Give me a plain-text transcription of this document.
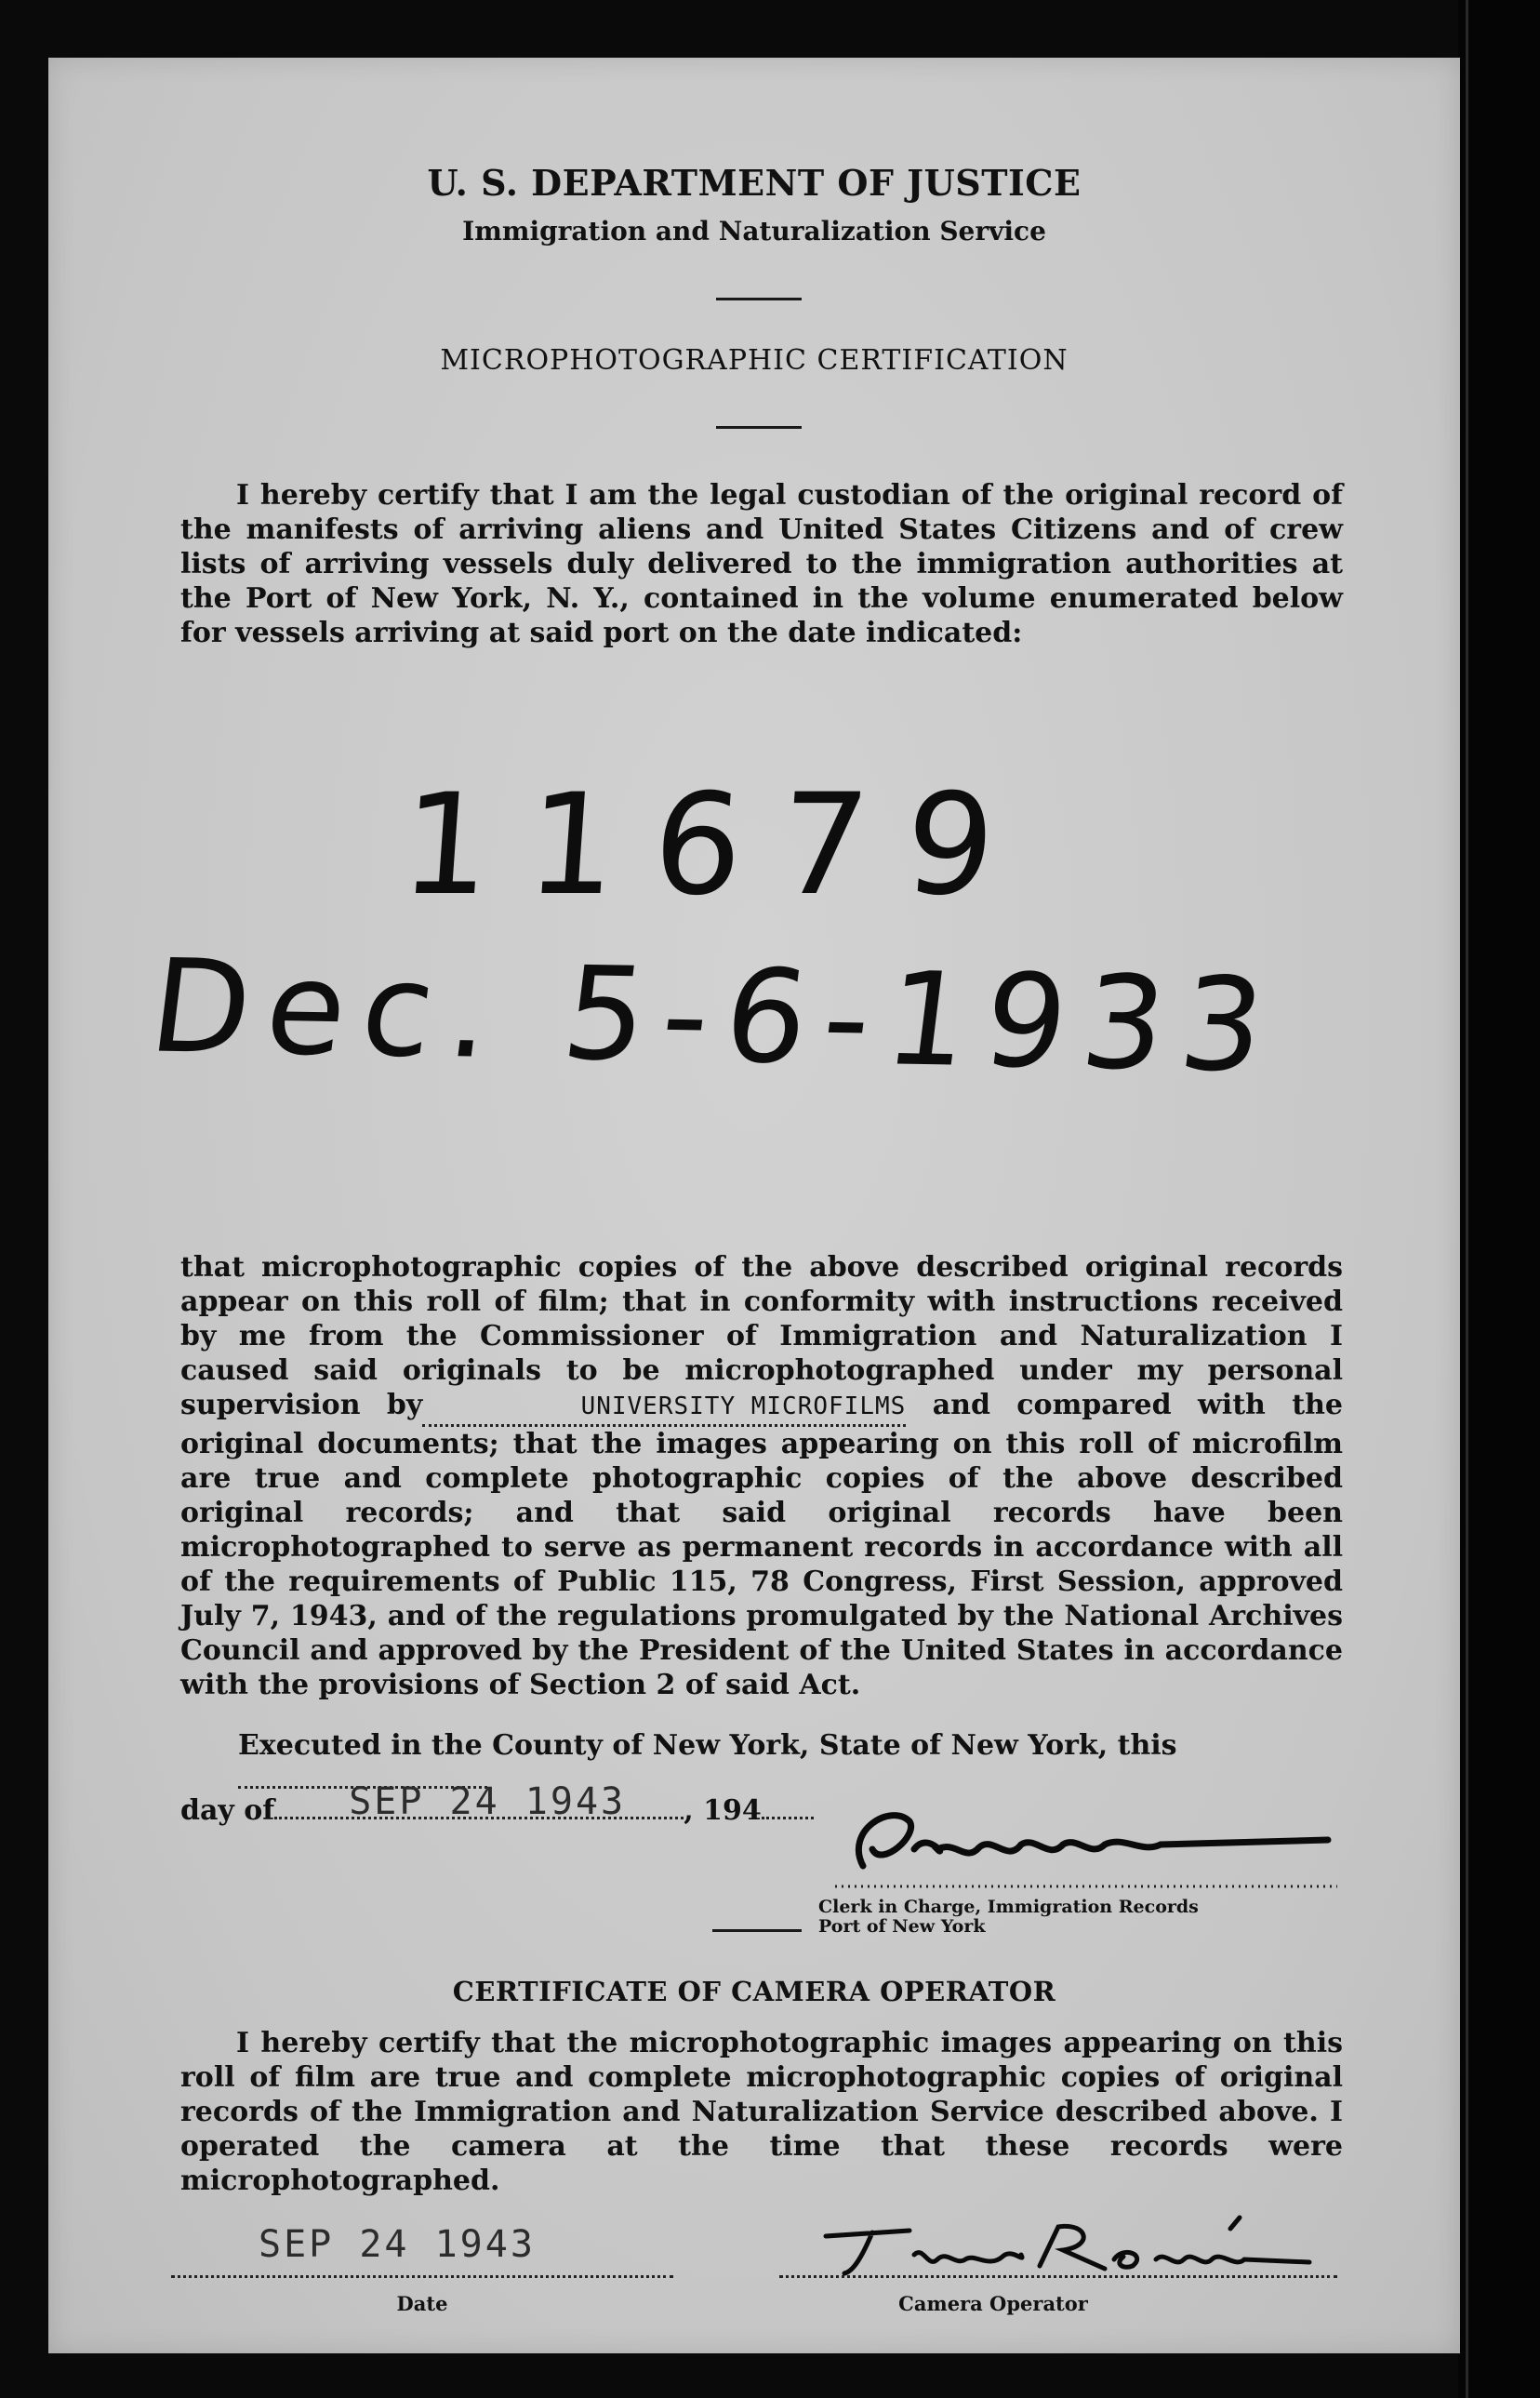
U. S. DEPARTMENT OF JUSTICE
Immigration and Naturalization Service
MICROPHOTOGRAPHIC CERTIFICATION
I hereby certify that I am the legal custodian of the original record of the manifests of arriving aliens and United States Citizens and of crew lists of arriving vessels duly delivered to the immigration authorities at the Port of New York, N. Y., contained in the volume enumerated below for vessels arriving at said port on the date indicated:
11679
Dec. 5-6-1933
that microphotographic copies of the above described original records appear on this roll of film; that in conformity with instructions received by me from the Commissioner of Immigration and Naturalization I caused said originals to be microphotographed under my personal supervision by	UNIVERSITY MICROFILMS and compared with the original documents; that the images appearing on this roll of microfilm are true and complete photographic copies of the above described original records; and that said original records have been microphotographed to serve as permanent records in accordance with all of the requirements of Public 115, 78 Congress, First Session, approved July 7, 1943, and of the regulations promulgated by the National Archives Council and approved by the President of the United States in accordance with the provisions of Section 2 of said Act.
Executed in the County of New York, State of New York, this
day of SEP 24 1943 , 194
Clerk in Charge, Immigration Records
Port of New York
CERTIFICATE OF CAMERA OPERATOR
I hereby certify that the microphotographic images appearing on this roll of film are true and complete microphotographic copies of original records of the Immigration and Naturalization Service described above. I operated the camera at the time that these records were microphotographed.
SEP 24 1943
Date	Camera Operator
